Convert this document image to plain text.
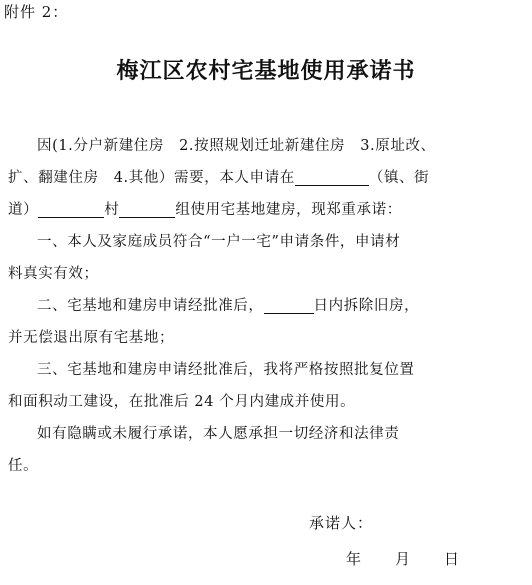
附件 2：
梅江区农村宅基地使用承诺书

因(1.分户新建住房　2.按照规划迁址新建住房　3.原址改、
扩、翻建住房　4.其他）需要，本人申请在	（镇、街
道）	村	组使用宅基地建房，现郑重承诺：

一、本人及家庭成员符合“一户一宅”申请条件，申请材
料真实有效；

二、宅基地和建房申请经批准后，	日内拆除旧房，
并无偿退出原有宅基地；

三、宅基地和建房申请经批准后，我将严格按照批复位置
和面积动工建设，在批准后 24 个月内建成并使用。

如有隐瞒或未履行承诺，本人愿承担一切经济和法律责
任。

承诺人：
年 月 日
